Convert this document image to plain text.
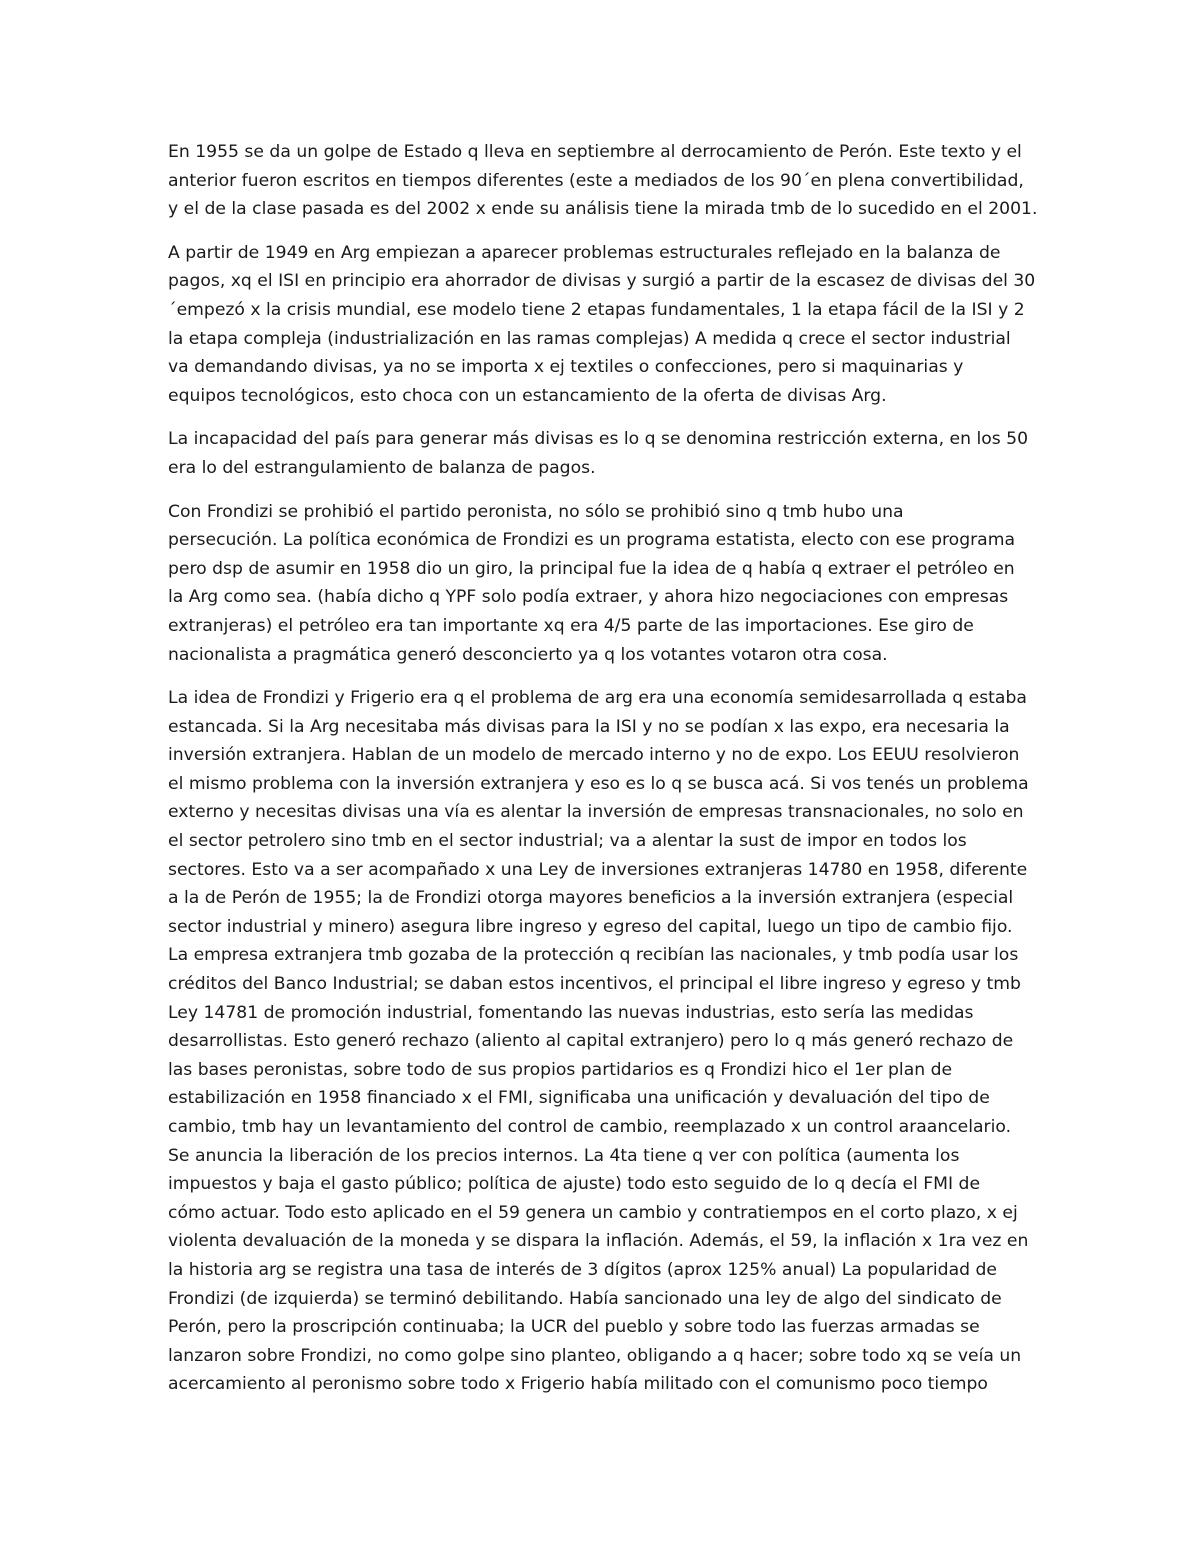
En 1955 se da un golpe de Estado q lleva en septiembre al derrocamiento de Perón. Este texto y el
anterior fueron escritos en tiempos diferentes (este a mediados de los 90´en plena convertibilidad,
y el de la clase pasada es del 2002 x ende su análisis tiene la mirada tmb de lo sucedido en el 2001.

A partir de 1949 en Arg empiezan a aparecer problemas estructurales reflejado en la balanza de
pagos, xq el ISI en principio era ahorrador de divisas y surgió a partir de la escasez de divisas del 30
´empezó x la crisis mundial, ese modelo tiene 2 etapas fundamentales, 1 la etapa fácil de la ISI y 2
la etapa compleja (industrialización en las ramas complejas) A medida q crece el sector industrial
va demandando divisas, ya no se importa x ej textiles o confecciones, pero si maquinarias y
equipos tecnológicos, esto choca con un estancamiento de la oferta de divisas Arg.

La incapacidad del país para generar más divisas es lo q se denomina restricción externa, en los 50
era lo del estrangulamiento de balanza de pagos.

Con Frondizi se prohibió el partido peronista, no sólo se prohibió sino q tmb hubo una
persecución. La política económica de Frondizi es un programa estatista, electo con ese programa
pero dsp de asumir en 1958 dio un giro, la principal fue la idea de q había q extraer el petróleo en
la Arg como sea. (había dicho q YPF solo podía extraer, y ahora hizo negociaciones con empresas
extranjeras) el petróleo era tan importante xq era 4/5 parte de las importaciones. Ese giro de
nacionalista a pragmática generó desconcierto ya q los votantes votaron otra cosa.

La idea de Frondizi y Frigerio era q el problema de arg era una economía semidesarrollada q estaba
estancada. Si la Arg necesitaba más divisas para la ISI y no se podían x las expo, era necesaria la
inversión extranjera. Hablan de un modelo de mercado interno y no de expo. Los EEUU resolvieron
el mismo problema con la inversión extranjera y eso es lo q se busca acá. Si vos tenés un problema
externo y necesitas divisas una vía es alentar la inversión de empresas transnacionales, no solo en
el sector petrolero sino tmb en el sector industrial; va a alentar la sust de impor en todos los
sectores. Esto va a ser acompañado x una Ley de inversiones extranjeras 14780 en 1958, diferente
a la de Perón de 1955; la de Frondizi otorga mayores beneficios a la inversión extranjera (especial
sector industrial y minero) asegura libre ingreso y egreso del capital, luego un tipo de cambio fijo.
La empresa extranjera tmb gozaba de la protección q recibían las nacionales, y tmb podía usar los
créditos del Banco Industrial; se daban estos incentivos, el principal el libre ingreso y egreso y tmb
Ley 14781 de promoción industrial, fomentando las nuevas industrias, esto sería las medidas
desarrollistas. Esto generó rechazo (aliento al capital extranjero) pero lo q más generó rechazo de
las bases peronistas, sobre todo de sus propios partidarios es q Frondizi hico el 1er plan de
estabilización en 1958 financiado x el FMI, significaba una unificación y devaluación del tipo de
cambio, tmb hay un levantamiento del control de cambio, reemplazado x un control araancelario.
Se anuncia la liberación de los precios internos. La 4ta tiene q ver con política (aumenta los
impuestos y baja el gasto público; política de ajuste) todo esto seguido de lo q decía el FMI de
cómo actuar. Todo esto aplicado en el 59 genera un cambio y contratiempos en el corto plazo, x ej
violenta devaluación de la moneda y se dispara la inflación. Además, el 59, la inflación x 1ra vez en
la historia arg se registra una tasa de interés de 3 dígitos (aprox 125% anual) La popularidad de
Frondizi (de izquierda) se terminó debilitando. Había sancionado una ley de algo del sindicato de
Perón, pero la proscripción continuaba; la UCR del pueblo y sobre todo las fuerzas armadas se
lanzaron sobre Frondizi, no como golpe sino planteo, obligando a q hacer; sobre todo xq se veía un
acercamiento al peronismo sobre todo x Frigerio había militado con el comunismo poco tiempo
